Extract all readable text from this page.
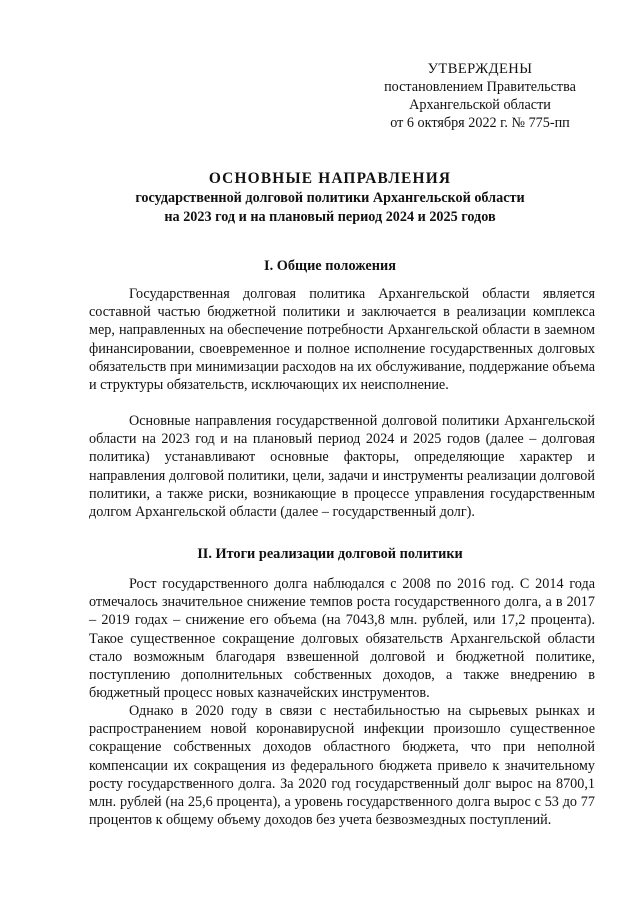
УТВЕРЖДЕНЫ
постановлением Правительства
Архангельской области
от 6 октября 2022 г. № 775-пп
ОСНОВНЫЕ НАПРАВЛЕНИЯ
государственной долговой политики Архангельской области
на 2023 год и на плановый период 2024 и 2025 годов
I. Общие положения

Государственная долговая политика Архангельской области является составной частью бюджетной политики и заключается в реализации комплекса мер, направленных на обеспечение потребности Архангельской области в заемном финансировании, своевременное и полное исполнение государственных долговых обязательств при минимизации расходов на их обслуживание, поддержание объема и структуры обязательств, исключающих их неисполнение.

Основные направления государственной долговой политики Архангельской области на 2023 год и на плановый период 2024 и 2025 годов (далее – долговая политика) устанавливают основные факторы, определяющие характер и направления долговой политики, цели, задачи и инструменты реализации долговой политики, а также риски, возникающие в процессе управления государственным долгом Архангельской области (далее – государственный долг).

II. Итоги реализации долговой политики

Рост государственного долга наблюдался с 2008 по 2016 год. С 2014 года отмечалось значительное снижение темпов роста государственного долга, а в 2017 – 2019 годах – снижение его объема (на 7043,8 млн. рублей, или 17,2 процента). Такое существенное сокращение долговых обязательств Архангельской области стало возможным благодаря взвешенной долговой и бюджетной политике, поступлению дополнительных собственных доходов, а также внедрению в бюджетный процесс новых казначейских инструментов.

Однако в 2020 году в связи с нестабильностью на сырьевых рынках и распространением новой коронавирусной инфекции произошло существенное сокращение собственных доходов областного бюджета, что при неполной компенсации их сокращения из федерального бюджета привело к значительному росту государственного долга. За 2020 год государственный долг вырос на 8700,1 млн. рублей (на 25,6 процента), а уровень государственного долга вырос с 53 до 77 процентов к общему объему доходов без учета безвозмездных поступлений.
